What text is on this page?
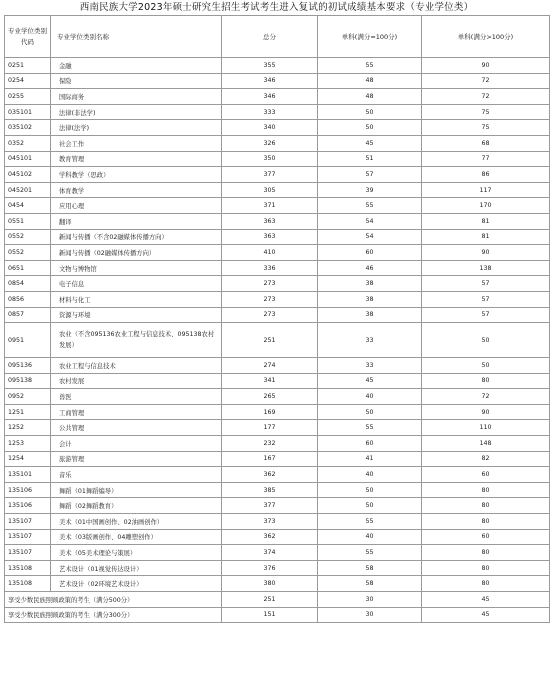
西南民族大学2023年硕士研究生招生考试考生进入复试的初试成绩基本要求（专业学位类）
专业学位类别代码	专业学位类别名称	总分	单科(满分=100分)	单科(满分>100分)
0251	金融	355	55	90
0254	保险	346	48	72
0255	国际商务	346	48	72
035101	法律(非法学)	333	50	75
035102	法律(法学)	340	50	75
0352	社会工作	326	45	68
045101	教育管理	350	51	77
045102	学科教学（思政）	377	57	86
045201	体育教学	305	39	117
0454	应用心理	371	55	170
0551	翻译	363	54	81
0552	新闻与传播（不含02融媒体传播方向）	363	54	81
0552	新闻与传播（02融媒体传播方向）	410	60	90
0651	文物与博物馆	336	46	138
0854	电子信息	273	38	57
0856	材料与化工	273	38	57
0857	资源与环境	273	38	57
0951	农业（不含095136农业工程与信息技术、095138农村发展）	251	33	50
095136	农业工程与信息技术	274	33	50
095138	农村发展	341	45	80
0952	兽医	265	40	72
1251	工商管理	169	50	90
1252	公共管理	177	55	110
1253	会计	232	60	148
1254	旅游管理	167	41	82
135101	音乐	362	40	60
135106	舞蹈（01舞蹈编导）	385	50	80
135106	舞蹈（02舞蹈教育）	377	50	80
135107	美术（01中国画创作、02油画创作）	373	55	80
135107	美术（03版画创作、04雕塑创作）	362	40	60
135107	美术（05美术理论与策展）	374	55	80
135108	艺术设计（01视觉传达设计）	376	58	80
135108	艺术设计（02环境艺术设计）	380	58	80
享受少数民族照顾政策的考生（满分500分）		251	30	45
享受少数民族照顾政策的考生（满分300分）		151	30	45
